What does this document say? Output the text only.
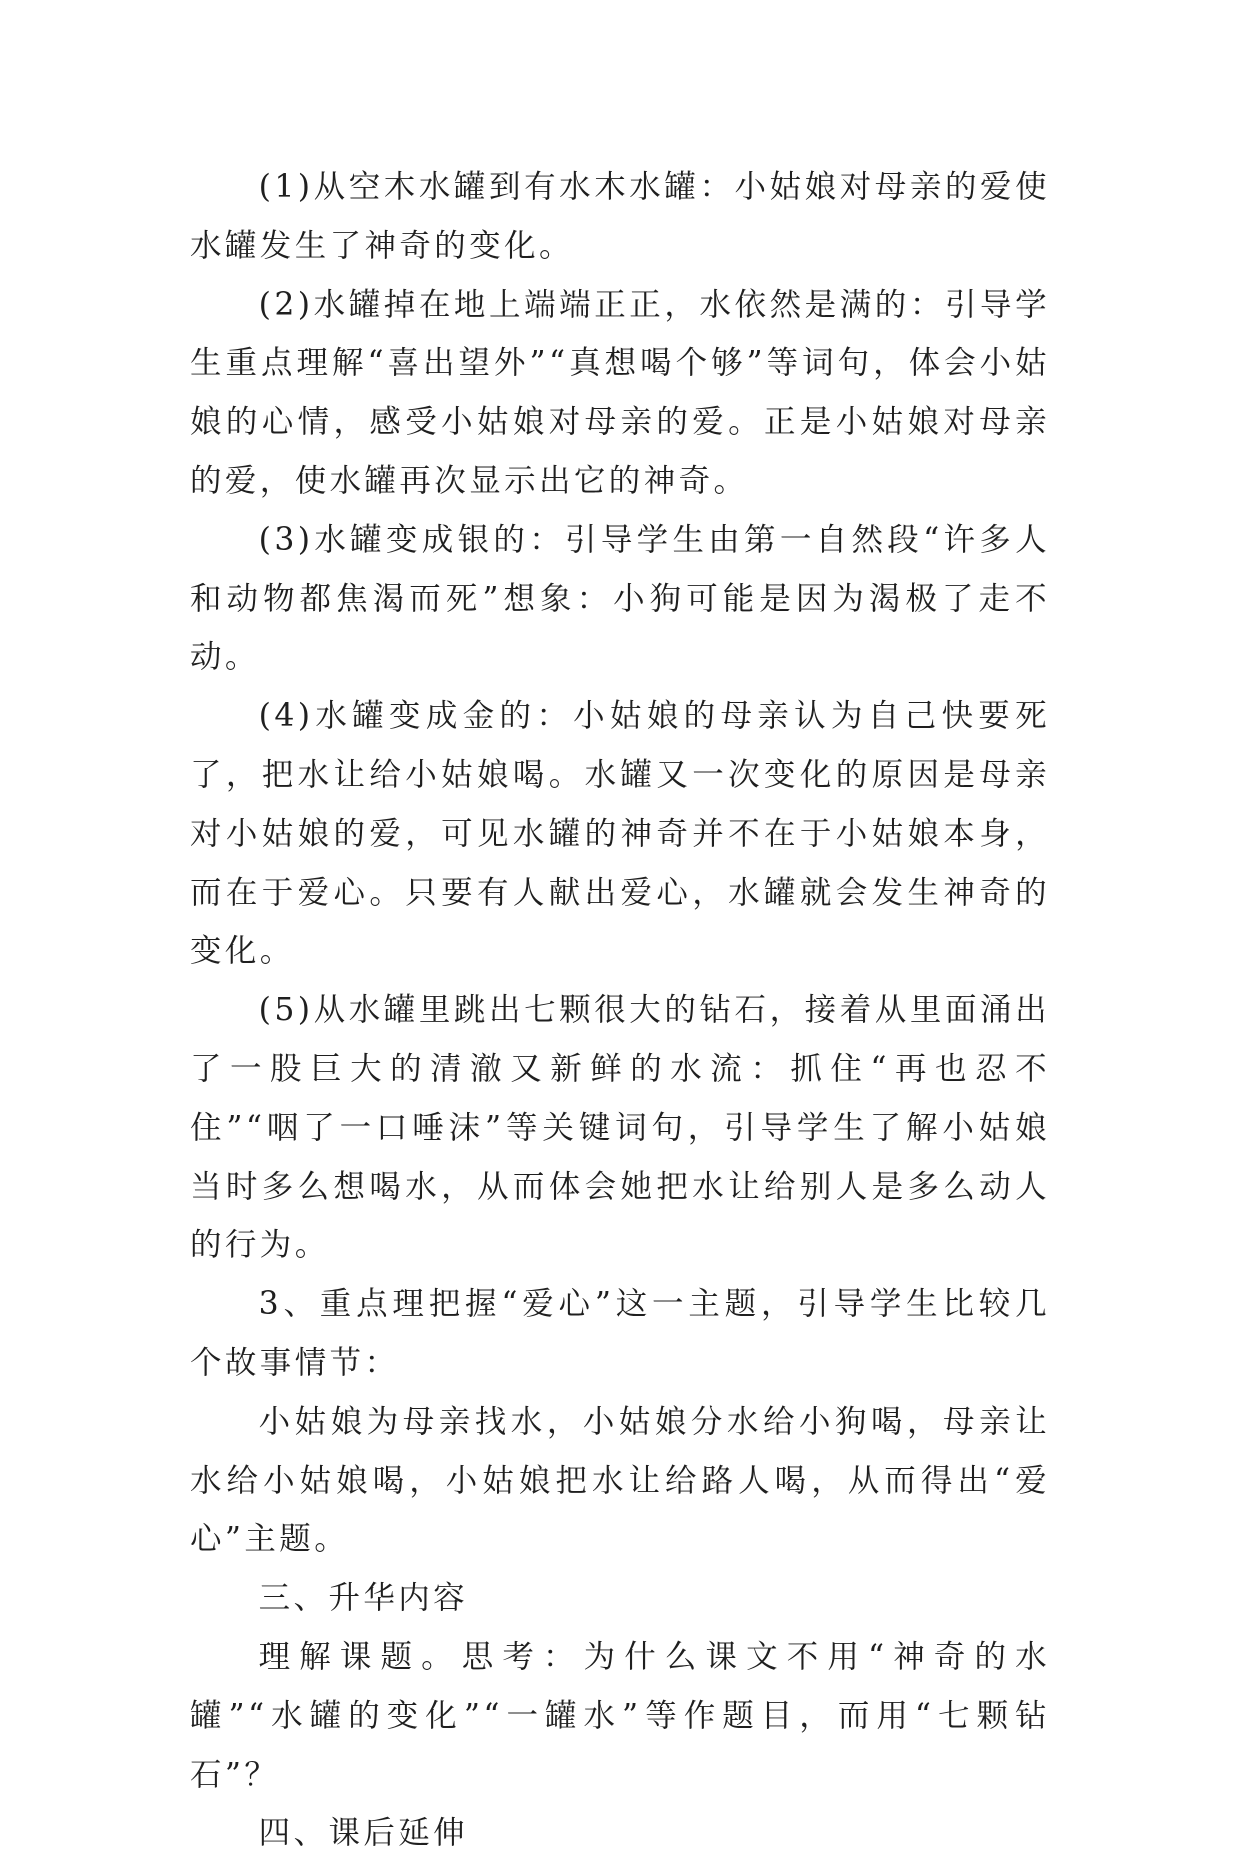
(1)从空木水罐到有水木水罐：小姑娘对母亲的爱使水罐发生了神奇的变化。

(2)水罐掉在地上端端正正，水依然是满的：引导学生重点理解“喜出望外”“真想喝个够”等词句，体会小姑娘的心情，感受小姑娘对母亲的爱。正是小姑娘对母亲的爱，使水罐再次显示出它的神奇。

(3)水罐变成银的：引导学生由第一自然段“许多人和动物都焦渴而死”想象：小狗可能是因为渴极了走不动。

(4)水罐变成金的：小姑娘的母亲认为自己快要死了，把水让给小姑娘喝。水罐又一次变化的原因是母亲对小姑娘的爱，可见水罐的神奇并不在于小姑娘本身，而在于爱心。只要有人献出爱心，水罐就会发生神奇的变化。

(5)从水罐里跳出七颗很大的钻石，接着从里面涌出了一股巨大的清澈又新鲜的水流：抓住“再也忍不住”“咽了一口唾沫”等关键词句，引导学生了解小姑娘当时多么想喝水，从而体会她把水让给别人是多么动人的行为。

3、重点理把握“爱心”这一主题，引导学生比较几个故事情节：

小姑娘为母亲找水，小姑娘分水给小狗喝，母亲让水给小姑娘喝，小姑娘把水让给路人喝，从而得出“爱心”主题。

三、升华内容

理解课题。思考：为什么课文不用“神奇的水罐”“水罐的变化”“一罐水”等作题目，而用“七颗钻石”？

四、课后延伸
